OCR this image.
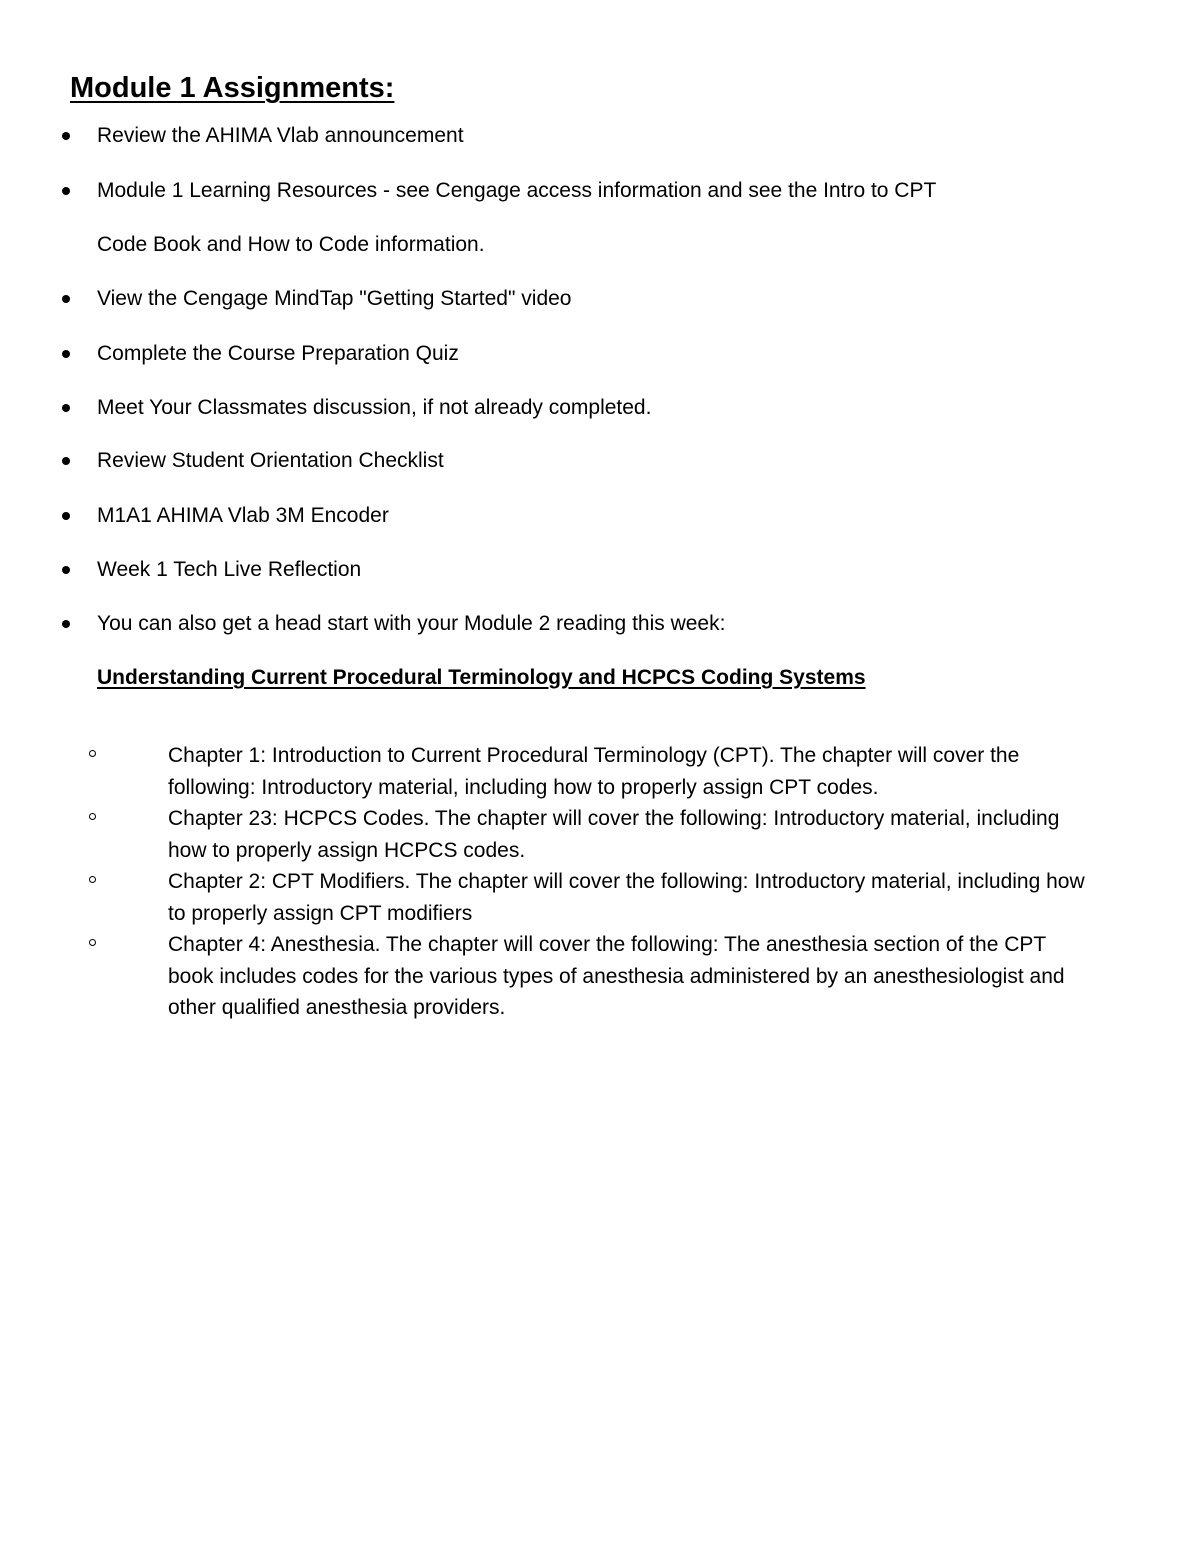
Module 1 Assignments:
Review the AHIMA Vlab announcement
Module 1 Learning Resources - see Cengage access information and see the Intro to CPT
Code Book and How to Code information.
View the Cengage MindTap "Getting Started" video
Complete the Course Preparation Quiz
Meet Your Classmates discussion, if not already completed.
Review Student Orientation Checklist
M1A1 AHIMA Vlab 3M Encoder
Week 1 Tech Live Reflection
You can also get a head start with your Module 2 reading this week:
Understanding Current Procedural Terminology and HCPCS Coding Systems
Chapter 1: Introduction to Current Procedural Terminology (CPT). The chapter will cover the following: Introductory material, including how to properly assign CPT codes.
Chapter 23: HCPCS Codes. The chapter will cover the following: Introductory material, including how to properly assign HCPCS codes.
Chapter 2: CPT Modifiers. The chapter will cover the following: Introductory material, including how to properly assign CPT modifiers
Chapter 4: Anesthesia. The chapter will cover the following: The anesthesia section of the CPT book includes codes for the various types of anesthesia administered by an anesthesiologist and other qualified anesthesia providers.
